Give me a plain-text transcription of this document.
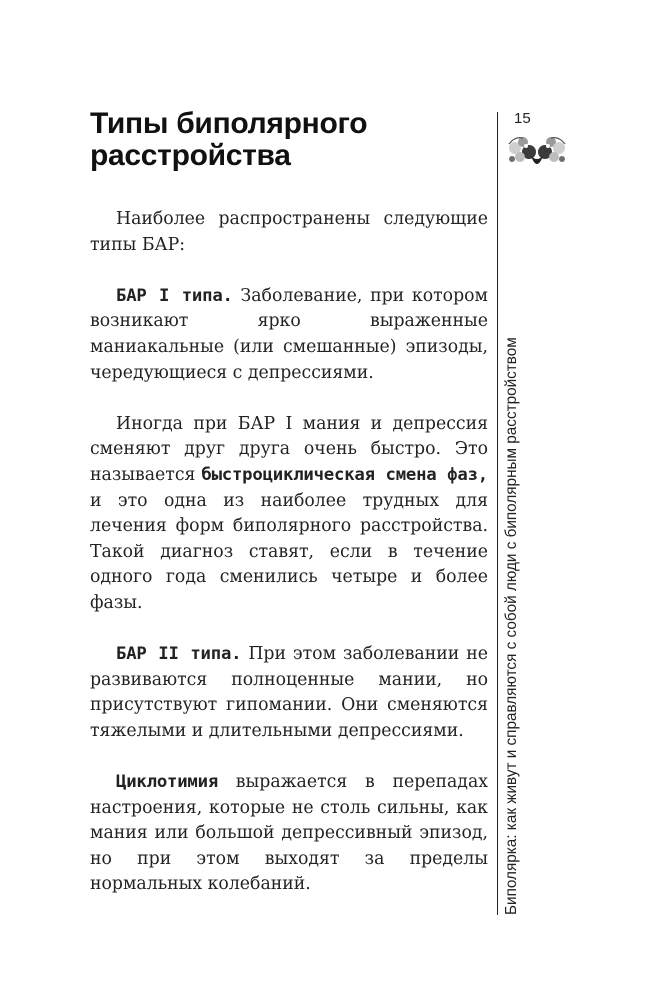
Типы биполярного расстройства
15
Биполярка: как живут и справляются с собой люди с биполярным расстройством

Наиболее распространены следующие типы БАР:

БАР I типа. Заболевание, при котором возникают ярко выраженные маниакальные (или смешанные) эпизоды, чередующиеся с депрессиями.

Иногда при БАР I мания и депрессия сменяют друг друга очень быстро. Это называется быстроциклическая смена фаз, и это одна из наиболее трудных для лечения форм биполярного расстройства. Такой диагноз ставят, если в течение одного года сменились четыре и более фазы.

БАР II типа. При этом заболевании не развиваются полноценные мании, но присутствуют гипомании. Они сменяются тяжелыми и длительными депрессиями.

Циклотимия выражается в перепадах настроения, которые не столь сильны, как мания или большой депрессивный эпизод, но при этом выходят за пределы нормальных колебаний.
